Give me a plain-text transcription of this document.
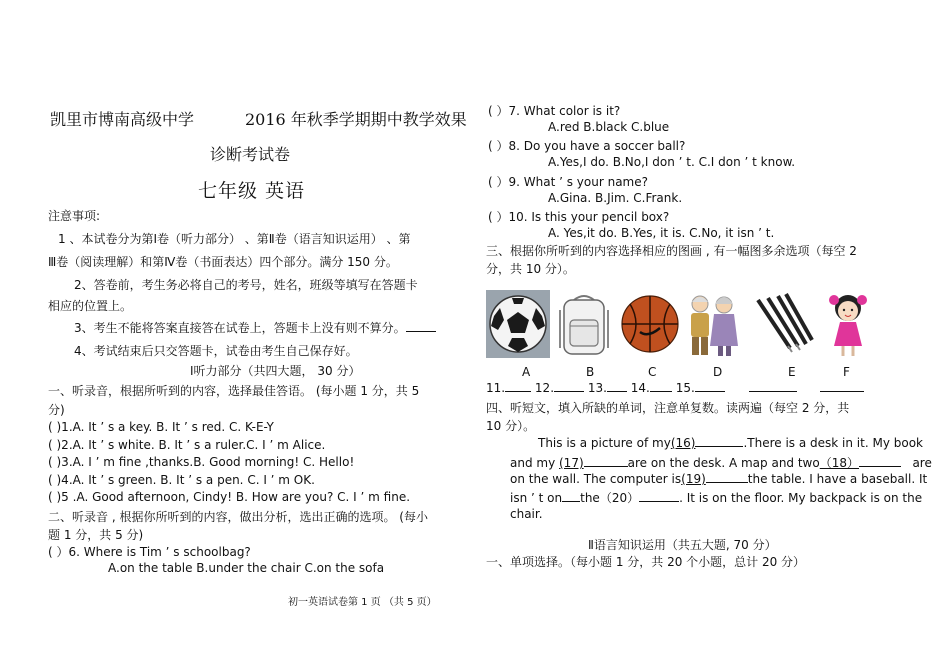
凯里市博南高级中学	2016 年秋季学期期中教学效果
诊断考试卷
七年级 英语
注意事项:
1 、本试卷分为第Ⅰ卷（听力部分） 、第Ⅱ卷（语言知识运用） 、第
Ⅲ卷（阅读理解）和第Ⅳ卷（书面表达）四个部分。满分 150 分。
2、答卷前，考生务必将自己的考号，姓名，班级等填写在答题卡
相应的位置上。
3、考生不能将答案直接答在试卷上，答题卡上没有则不算分。
4、考试结束后只交答题卡，试卷由考生自己保存好。
Ⅰ听力部分（共四大题， 30 分）
一、听录音，根据所听到的内容，选择最佳答语。 (每小题 1 分，共 5
分)
( )1.A. It ’ s a key. B. It ’ s red. C. K-E-Y
( )2.A. It ’ s white. B. It ’ s a ruler.C. I ’ m Alice.
( )3.A. I ’ m fine ,thanks.B. Good morning! C. Hello!
( )4.A. It ’ s green. B. It ’ s a pen. C. I ’ m OK.
( )5 .A. Good afternoon, Cindy! B. How are you? C. I ’ m fine.
二、听录音 , 根据你所听到的内容，做出分析，选出正确的选项。 (每小
题 1 分，共 5 分)
( ）6. Where is Tim ’ s schoolbag?
A.on the table B.under the chair C.on the sofa
初一英语试卷第 1 页 （共 5 页）
( ）7. What color is it?
A.red B.black C.blue
( ）8. Do you have a soccer ball?
A.Yes,I do. B.No,I don ’ t. C.I don ’ t know.
( ）9. What ’ s your name?
A.Gina. B.Jim. C.Frank.
( ）10. Is this your pencil box?
A. Yes,it do. B.Yes, it is. C.No, it isn ’ t.
三、根据你所听到的内容选择相应的图画 , 有一幅图多余选项（每空 2
分，共 10 分）。
A	B	C	D	E	F
11. 12.	13. 14. 15.
四、听短文，填入所缺的单词，注意单复数。读两遍（每空 2 分，共
10 分）。
This is a picture of my(16)	.There is a desk in it. My book
and my (17)	are on the desk. A map and two（18）	are
on the wall. The computer is(19)	the table. I have a baseball. It
isn ’ t on the（20）	. It is on the floor. My backpack is on the
chair.
Ⅱ语言知识运用（共五大题, 70 分）
一、单项选择。（每小题 1 分，共 20 个小题，总计 20 分）
